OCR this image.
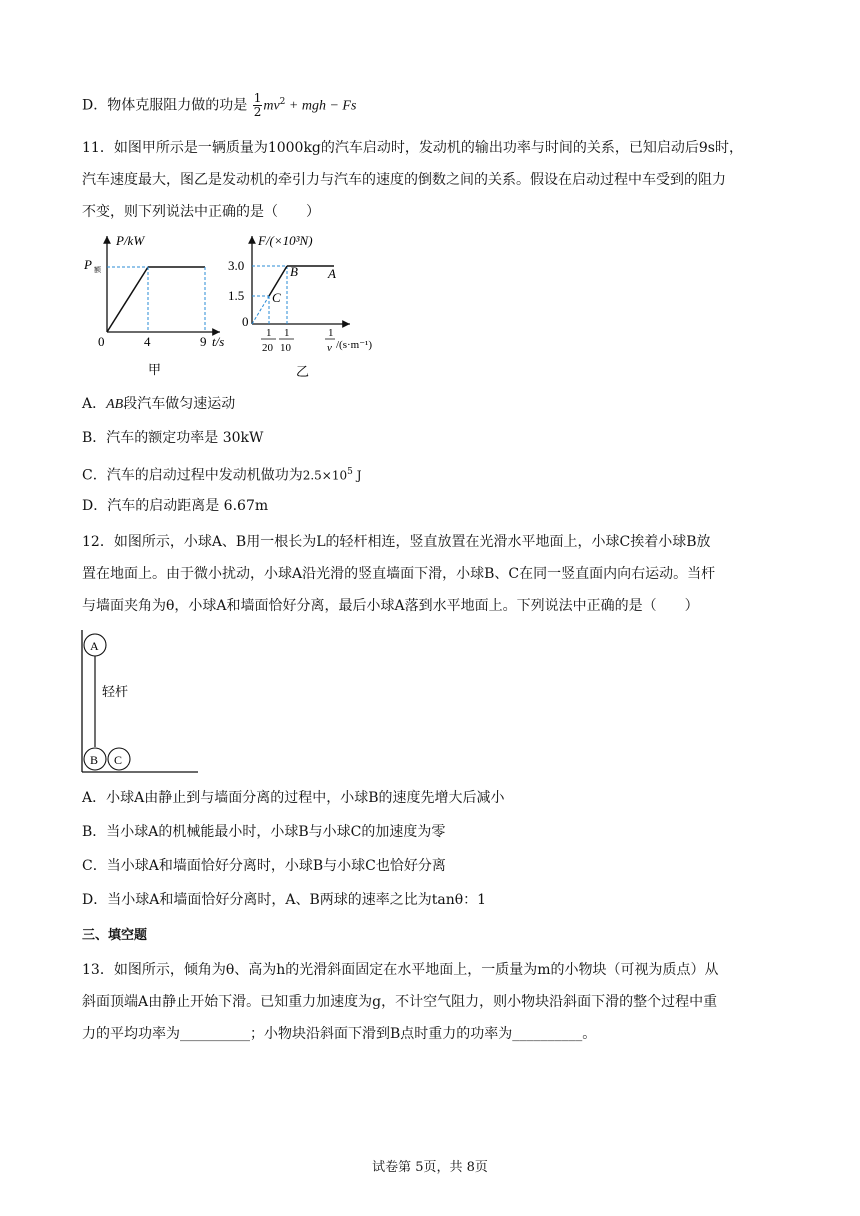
D．物体克服阻力做的功是 $\frac{1}{2} mv^2$ + mgh − Fs
11．如图甲所示是一辆质量为1000kg的汽车启动时，发动机的输出功率与时间的关系，已知启动后9s时，
汽车速度最大，图乙是发动机的牵引力与汽车的速度的倒数之间的关系。假设在启动过程中车受到的阻力
不变，则下列说法中正确的是（　　）
P/kW
P 额
0	4	9 t/s
甲
F/(×10³N)
3.0
1.5
0
B A
C
1
20
1
10
1
v /(s·m⁻¹)
乙
A．AB段汽车做匀速运动
B．汽车的额定功率是 30kW
C．汽车的启动过程中发动机做功为$2.5\times 10^5$ J
D．汽车的启动距离是 6.67m
12．如图所示，小球A、B用一根长为L的轻杆相连，竖直放置在光滑水平地面上，小球C挨着小球B放
置在地面上。由于微小扰动，小球A沿光滑的竖直墙面下滑，小球B、C在同一竖直面内向右运动。当杆
与墙面夹角为θ，小球A和墙面恰好分离，最后小球A落到水平地面上。下列说法中正确的是（　　）
A
B C
轻杆
A．小球A由静止到与墙面分离的过程中，小球B的速度先增大后减小
B．当小球A的机械能最小时，小球B与小球C的加速度为零
C．当小球A和墙面恰好分离时，小球B与小球C也恰好分离
D．当小球A和墙面恰好分离时，A、B两球的速率之比为tanθ：1
三、填空题
13．如图所示，倾角为θ、高为h的光滑斜面固定在水平地面上，一质量为m的小物块（可视为质点）从
斜面顶端A由静止开始下滑。已知重力加速度为g，不计空气阻力，则小物块沿斜面下滑的整个过程中重
力的平均功率为__________；小物块沿斜面下滑到B点时重力的功率为__________。
试卷第 5页，共 8页
